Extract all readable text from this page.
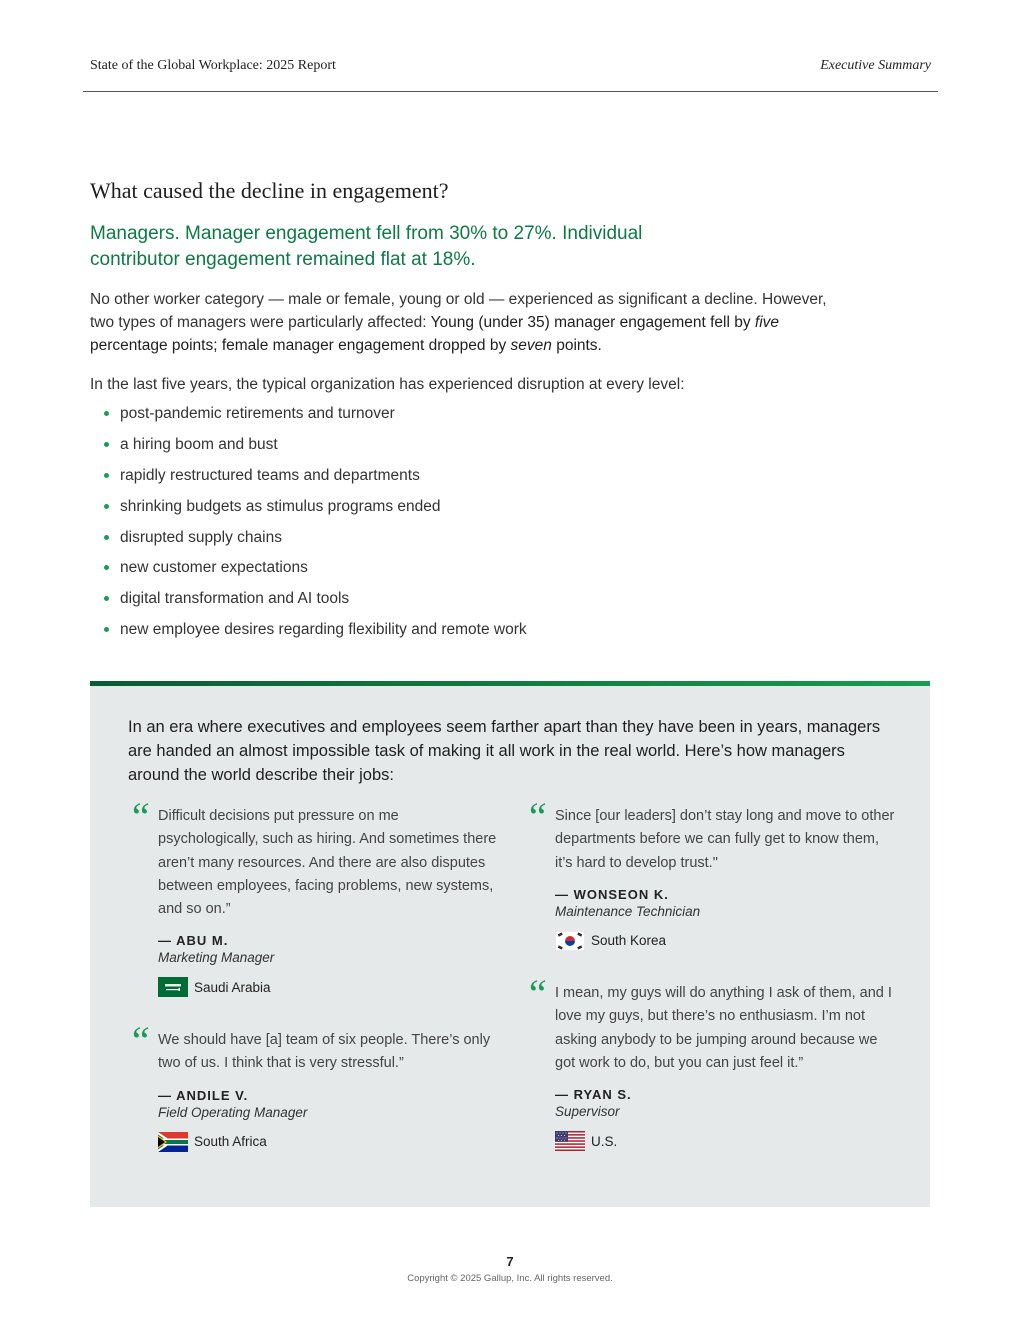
State of the Global Workplace: 2025 Report	Executive Summary
What caused the decline in engagement?

Managers. Manager engagement fell from 30% to 27%. Individual contributor engagement remained flat at 18%.

No other worker category — male or female, young or old — experienced as significant a decline. However, two types of managers were particularly affected: Young (under 35) manager engagement fell by five percentage points; female manager engagement dropped by seven points.

In the last five years, the typical organization has experienced disruption at every level:

post-pandemic retirements and turnover
a hiring boom and bust
rapidly restructured teams and departments
shrinking budgets as stimulus programs ended
disrupted supply chains
new customer expectations
digital transformation and AI tools
new employee desires regarding flexibility and remote work

In an era where executives and employees seem farther apart than they have been in years, managers are handed an almost impossible task of making it all work in the real world. Here’s how managers around the world describe their jobs:

“ Difficult decisions put pressure on me psychologically, such as hiring. And sometimes there aren’t many resources. And there are also disputes between employees, facing problems, new systems, and so on.”

— ABU M.
Marketing Manager
Saudi Arabia
“ We should have [a] team of six people. There’s only two of us. I think that is very stressful.”

— ANDILE V.
Field Operating Manager
South Africa
“ Since [our leaders] don’t stay long and move to other departments before we can fully get to know them, it’s hard to develop trust."

— WONSEON K.
Maintenance Technician
South Korea
“ I mean, my guys will do anything I ask of them, and I love my guys, but there’s no enthusiasm. I’m not asking anybody to be jumping around because we got work to do, but you can just feel it.”

— RYAN S.
Supervisor
U.S.
7
Copyright © 2025 Gallup, Inc. All rights reserved.
